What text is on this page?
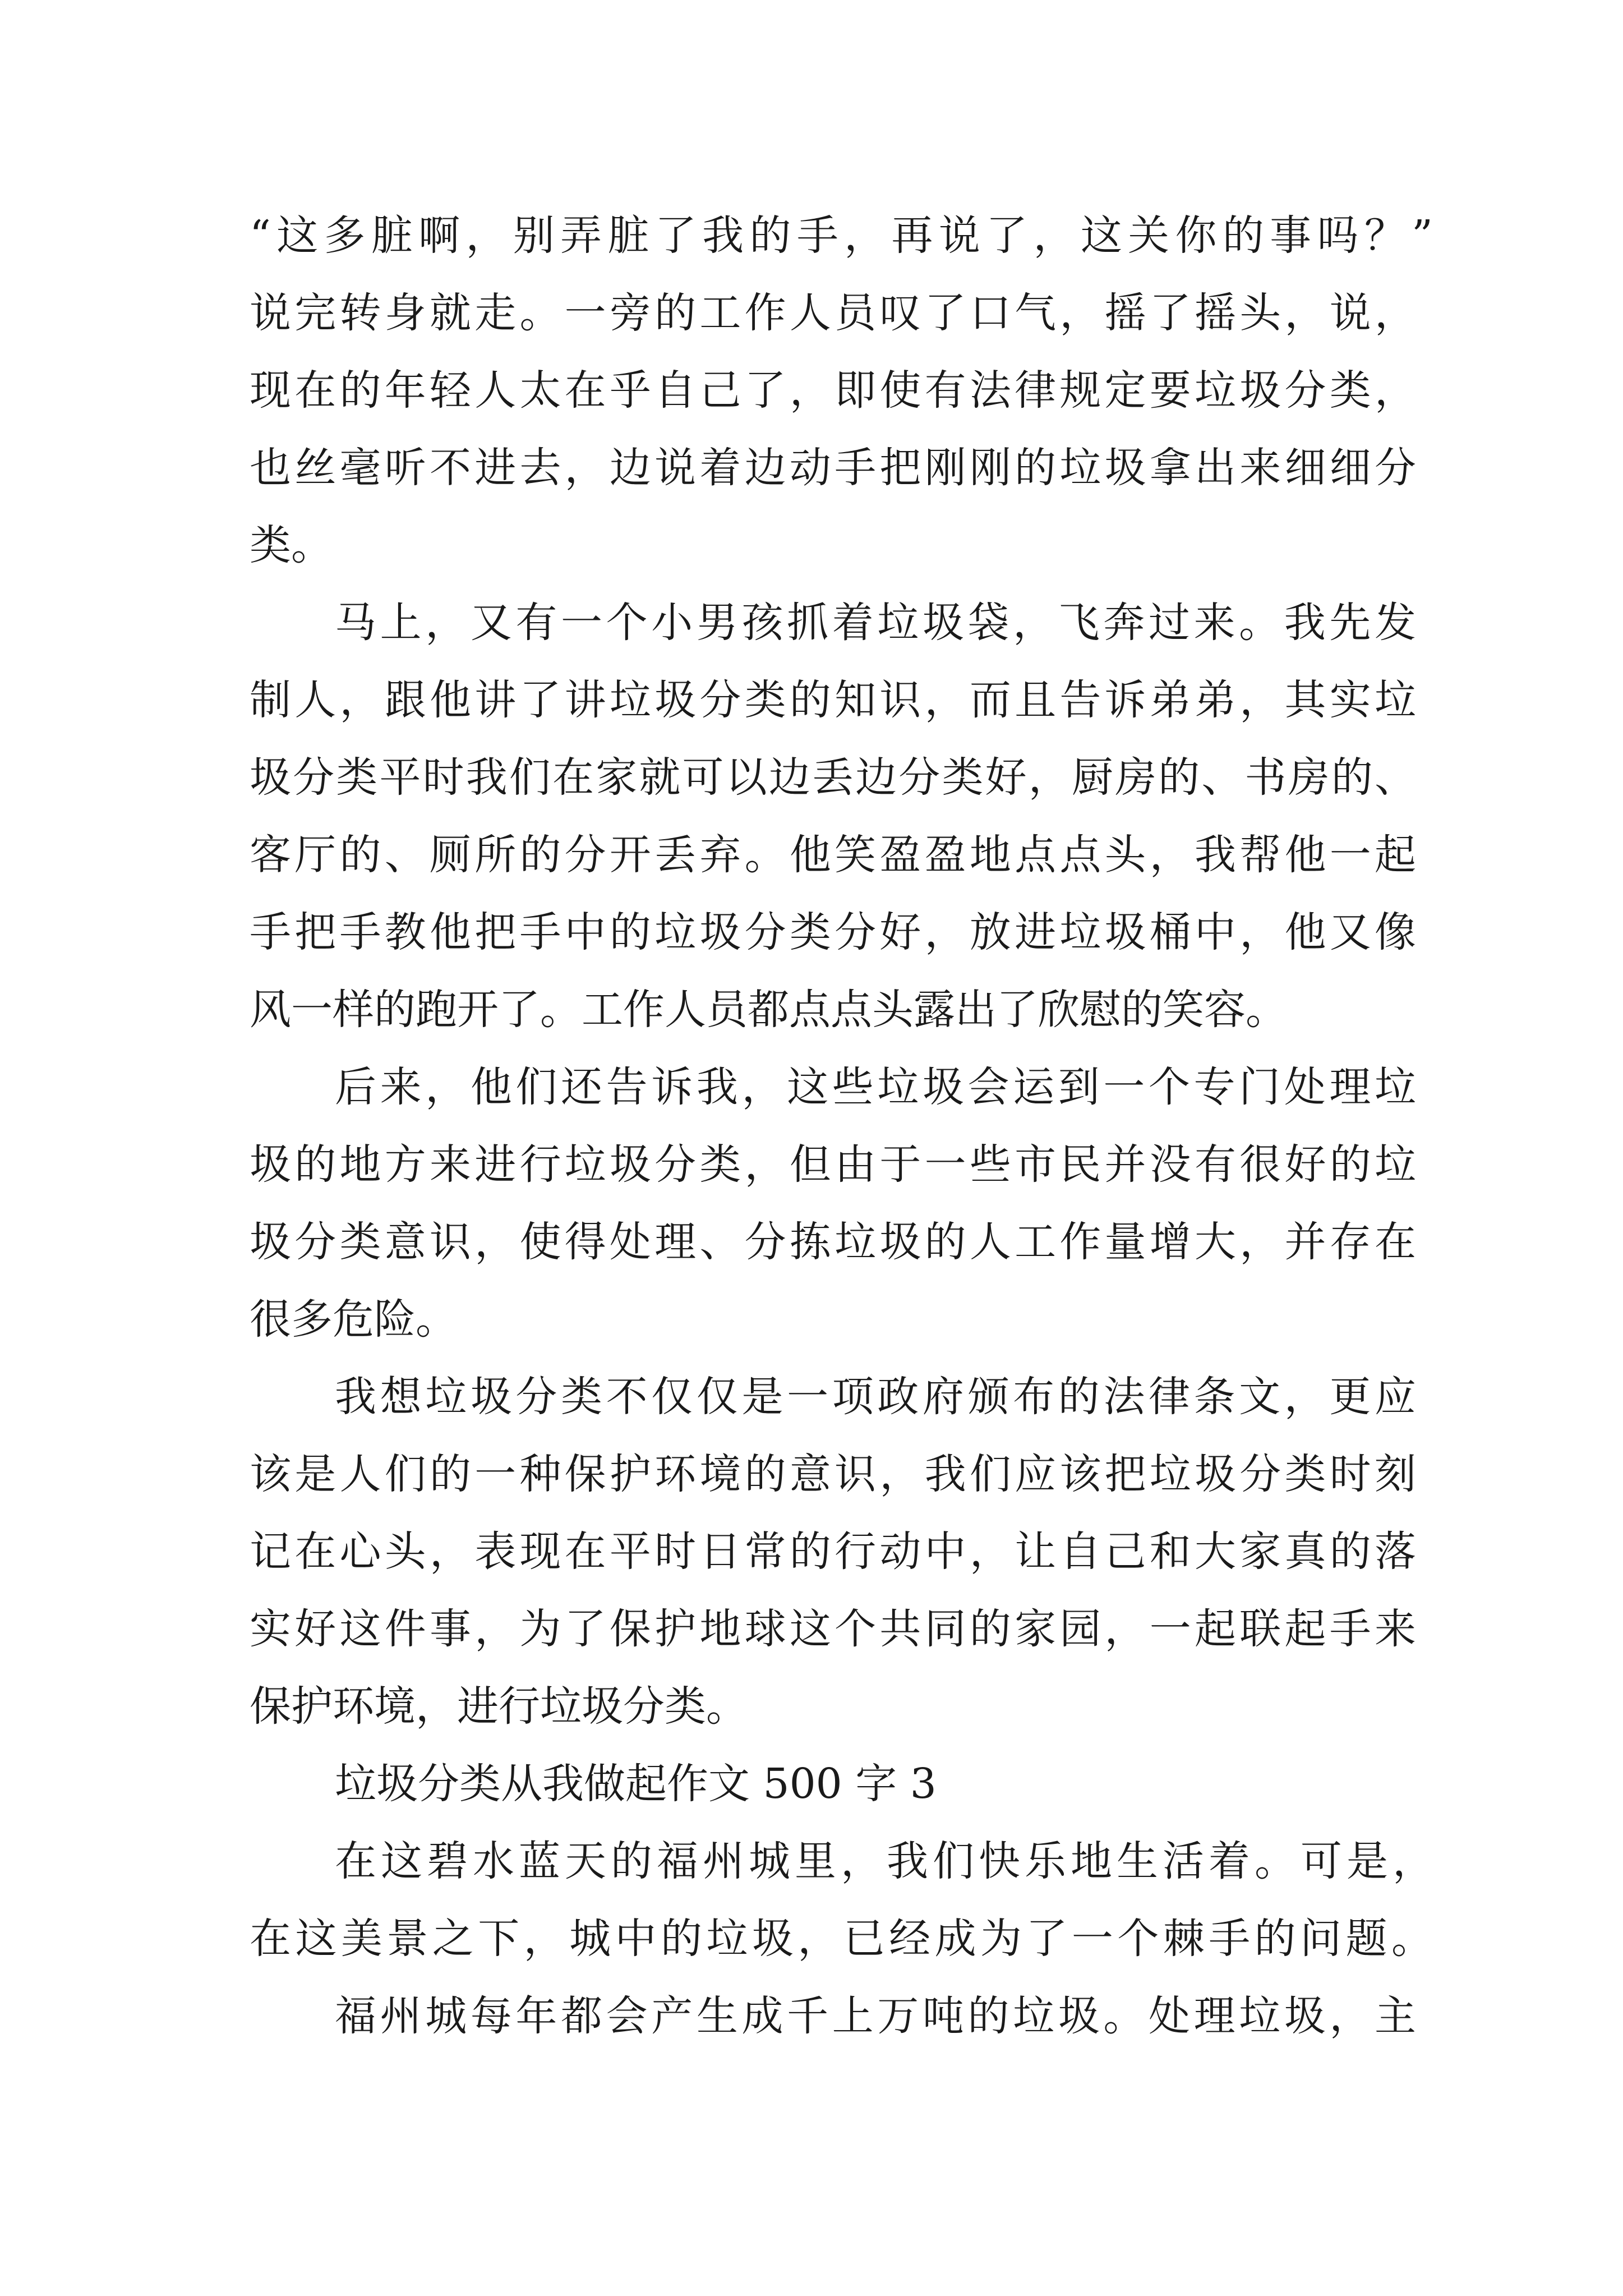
“这多脏啊，别弄脏了我的手，再说了，这关你的事吗？”
说完转身就走。一旁的工作人员叹了口气，摇了摇头，说，
现在的年轻人太在乎自己了，即使有法律规定要垃圾分类，
也丝毫听不进去，边说着边动手把刚刚的垃圾拿出来细细分
类。
马上，又有一个小男孩抓着垃圾袋，飞奔过来。我先发
制人，跟他讲了讲垃圾分类的知识，而且告诉弟弟，其实垃
圾分类平时我们在家就可以边丢边分类好，厨房的、书房的、
客厅的、厕所的分开丢弃。他笑盈盈地点点头，我帮他一起
手把手教他把手中的垃圾分类分好，放进垃圾桶中，他又像
风一样的跑开了。工作人员都点点头露出了欣慰的笑容。
后来，他们还告诉我，这些垃圾会运到一个专门处理垃
圾的地方来进行垃圾分类，但由于一些市民并没有很好的垃
圾分类意识，使得处理、分拣垃圾的人工作量增大，并存在
很多危险。
我想垃圾分类不仅仅是一项政府颁布的法律条文，更应
该是人们的一种保护环境的意识，我们应该把垃圾分类时刻
记在心头，表现在平时日常的行动中，让自己和大家真的落
实好这件事，为了保护地球这个共同的家园，一起联起手来
保护环境，进行垃圾分类。
垃圾分类从我做起作文 500 字 3
在这碧水蓝天的福州城里，我们快乐地生活着。可是，
在这美景之下，城中的垃圾，已经成为了一个棘手的问题。
福州城每年都会产生成千上万吨的垃圾。处理垃圾，主
